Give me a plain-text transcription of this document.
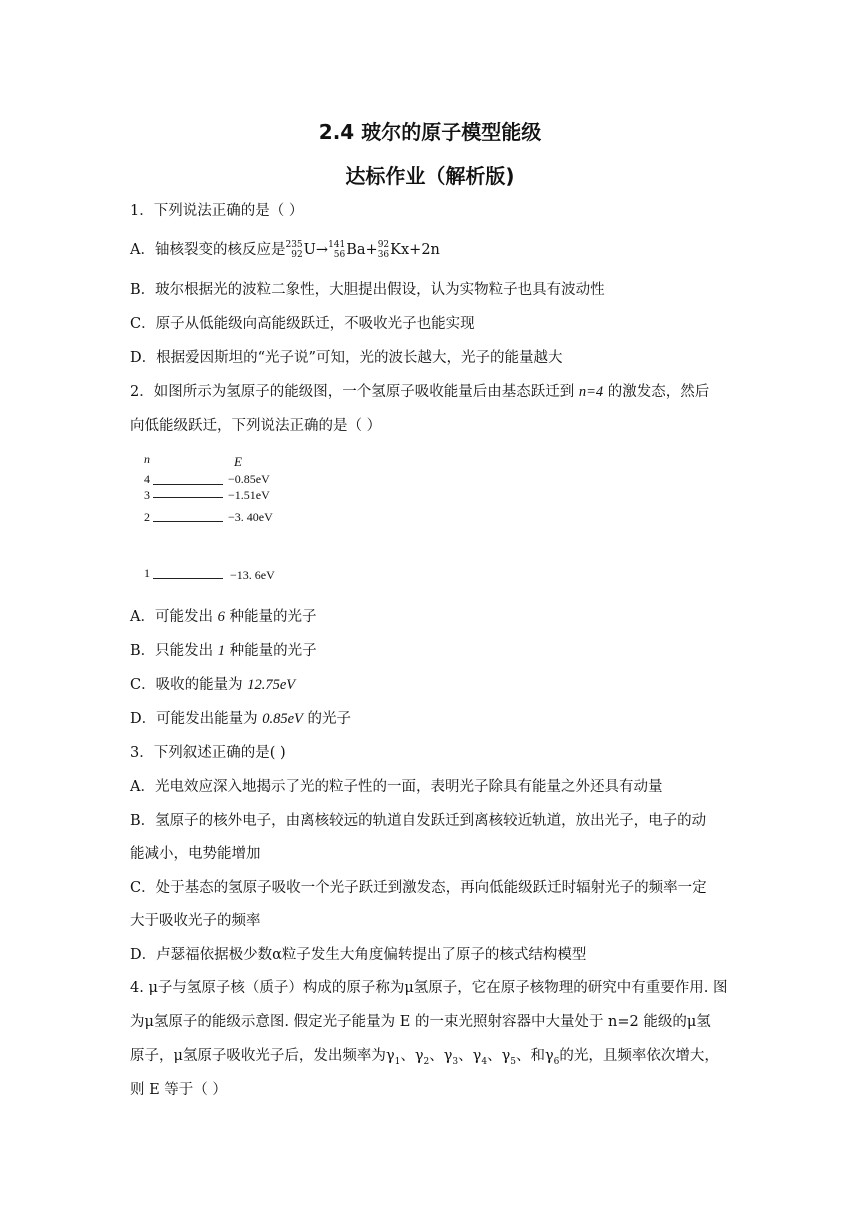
2.4 玻尔的原子模型能级
达标作业（解析版)
1．下列说法正确的是（ ）
A．铀核裂变的核反应是 235
92 U→ 141
56 Ba+ 92
36 Kx+2n
B．玻尔根据光的波粒二象性，大胆提出假设，认为实物粒子也具有波动性
C．原子从低能级向高能级跃迁，不吸收光子也能实现
D．根据爱因斯坦的“光子说”可知，光的波长越大，光子的能量越大
2．如图所示为氢原子的能级图，一个氢原子吸收能量后由基态跃迁到 n=4 的激发态，然后
向低能级跃迁，下列说法正确的是（ ）
n	E
4	−0.85eV
3	−1.51eV
2	−3. 40eV
1	−13. 6eV
A．可能发出 6 种能量的光子
B．只能发出 1 种能量的光子
C．吸收的能量为 12.75eV
D．可能发出能量为 0.85eV 的光子
3．下列叙述正确的是( )
A．光电效应深入地揭示了光的粒子性的一面，表明光子除具有能量之外还具有动量
B．氢原子的核外电子，由离核较远的轨道自发跃迁到离核较近轨道，放出光子，电子的动
能减小，电势能增加
C．处于基态的氢原子吸收一个光子跃迁到激发态，再向低能级跃迁时辐射光子的频率一定
大于吸收光子的频率
D．卢瑟福依据极少数α粒子发生大角度偏转提出了原子的核式结构模型
4. μ子与氢原子核（质子）构成的原子称为μ氢原子，它在原子核物理的研究中有重要作用. 图
为μ氢原子的能级示意图. 假定光子能量为 E 的一束光照射容器中大量处于 n=2 能级的μ氢
原子，μ氢原子吸收光子后，发出频率为$\gamma_1$、$\gamma_2$、$\gamma_3$、$\gamma_4$、$\gamma_5$、和$\gamma_6$的光，且频率依次增大，
则 E 等于（ ）
